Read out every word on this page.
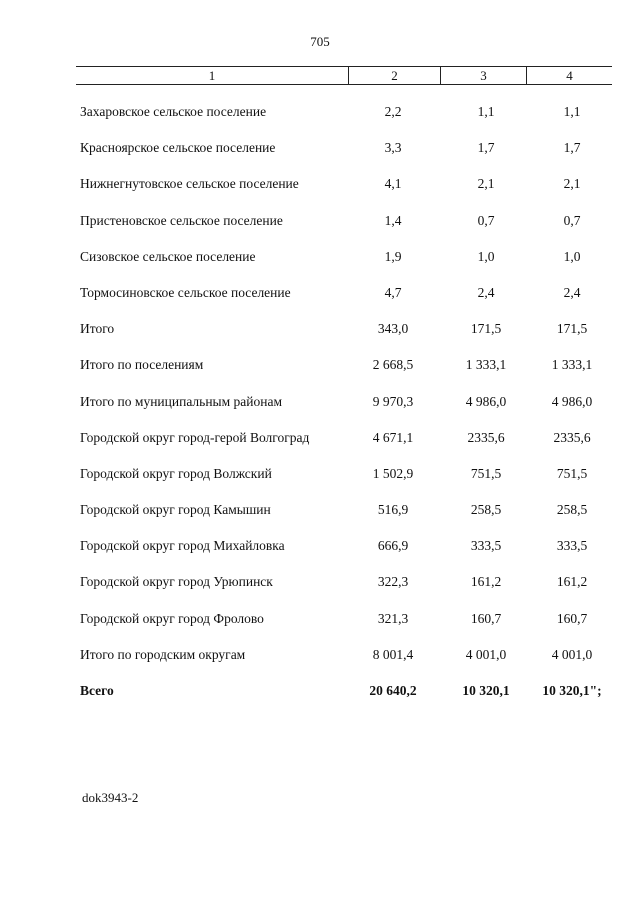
705
1	2	3	4
Захаровское сельское поселение	2,2	1,1	1,1
Красноярское сельское поселение	3,3	1,7	1,7
Нижнегнутовское сельское поселение	4,1	2,1	2,1
Пристеновское сельское поселение	1,4	0,7	0,7
Сизовское сельское поселение	1,9	1,0	1,0
Тормосиновское сельское поселение	4,7	2,4	2,4
Итого	343,0	171,5	171,5
Итого по поселениям	2 668,5	1 333,1	1 333,1
Итого по муниципальным районам	9 970,3	4 986,0	4 986,0
Городской округ город-герой Волгоград	4 671,1	2335,6	2335,6
Городской округ город Волжский	1 502,9	751,5	751,5
Городской округ город Камышин	516,9	258,5	258,5
Городской округ город Михайловка	666,9	333,5	333,5
Городской округ город Урюпинск	322,3	161,2	161,2
Городской округ город Фролово	321,3	160,7	160,7
Итого по городским округам	8 001,4	4 001,0	4 001,0
Всего	20 640,2	10 320,1	10 320,1";
dok3943-2
